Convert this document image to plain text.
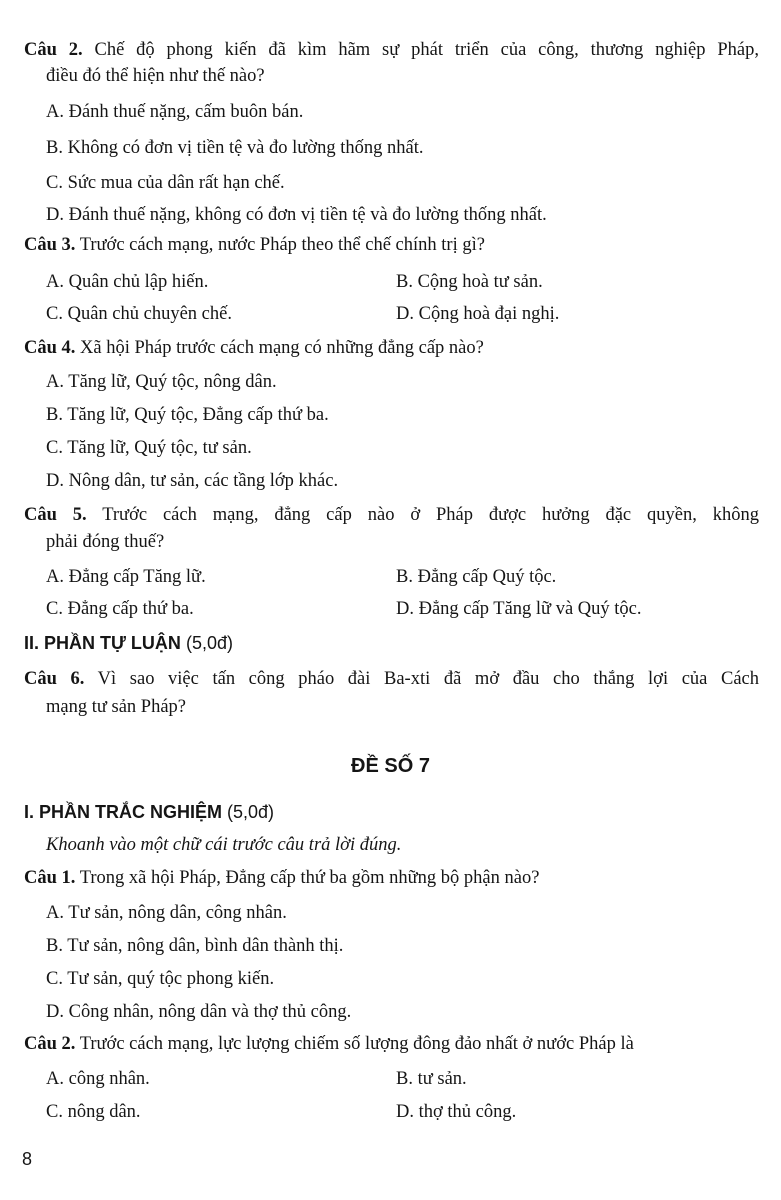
Câu 2. Chế độ phong kiến đã kìm hãm sự phát triển của công, thương nghiệp Pháp,
điều đó thể hiện như thế nào?
A. Đánh thuế nặng, cấm buôn bán.
B. Không có đơn vị tiền tệ và đo lường thống nhất.
C. Sức mua của dân rất hạn chế.
D. Đánh thuế nặng, không có đơn vị tiền tệ và đo lường thống nhất.
Câu 3. Trước cách mạng, nước Pháp theo thể chế chính trị gì?
A. Quân chủ lập hiến.	B. Cộng hoà tư sản.
C. Quân chủ chuyên chế.	D. Cộng hoà đại nghị.
Câu 4. Xã hội Pháp trước cách mạng có những đẳng cấp nào?
A. Tăng lữ, Quý tộc, nông dân.
B. Tăng lữ, Quý tộc, Đẳng cấp thứ ba.
C. Tăng lữ, Quý tộc, tư sản.
D. Nông dân, tư sản, các tầng lớp khác.
Câu 5. Trước cách mạng, đẳng cấp nào ở Pháp được hưởng đặc quyền, không
phải đóng thuế?
A. Đẳng cấp Tăng lữ.	B. Đẳng cấp Quý tộc.
C. Đẳng cấp thứ ba.	D. Đẳng cấp Tăng lữ và Quý tộc.
II. PHẦN TỰ LUẬN (5,0đ)
Câu 6. Vì sao việc tấn công pháo đài Ba-xti đã mở đầu cho thắng lợi của Cách
mạng tư sản Pháp?
ĐỀ SỐ 7
I. PHẦN TRẮC NGHIỆM (5,0đ)
Khoanh vào một chữ cái trước câu trả lời đúng.
Câu 1. Trong xã hội Pháp, Đẳng cấp thứ ba gồm những bộ phận nào?
A. Tư sản, nông dân, công nhân.
B. Tư sản, nông dân, bình dân thành thị.
C. Tư sản, quý tộc phong kiến.
D. Công nhân, nông dân và thợ thủ công.
Câu 2. Trước cách mạng, lực lượng chiếm số lượng đông đảo nhất ở nước Pháp là
A. công nhân.	B. tư sản.
C. nông dân.	D. thợ thủ công.
8
